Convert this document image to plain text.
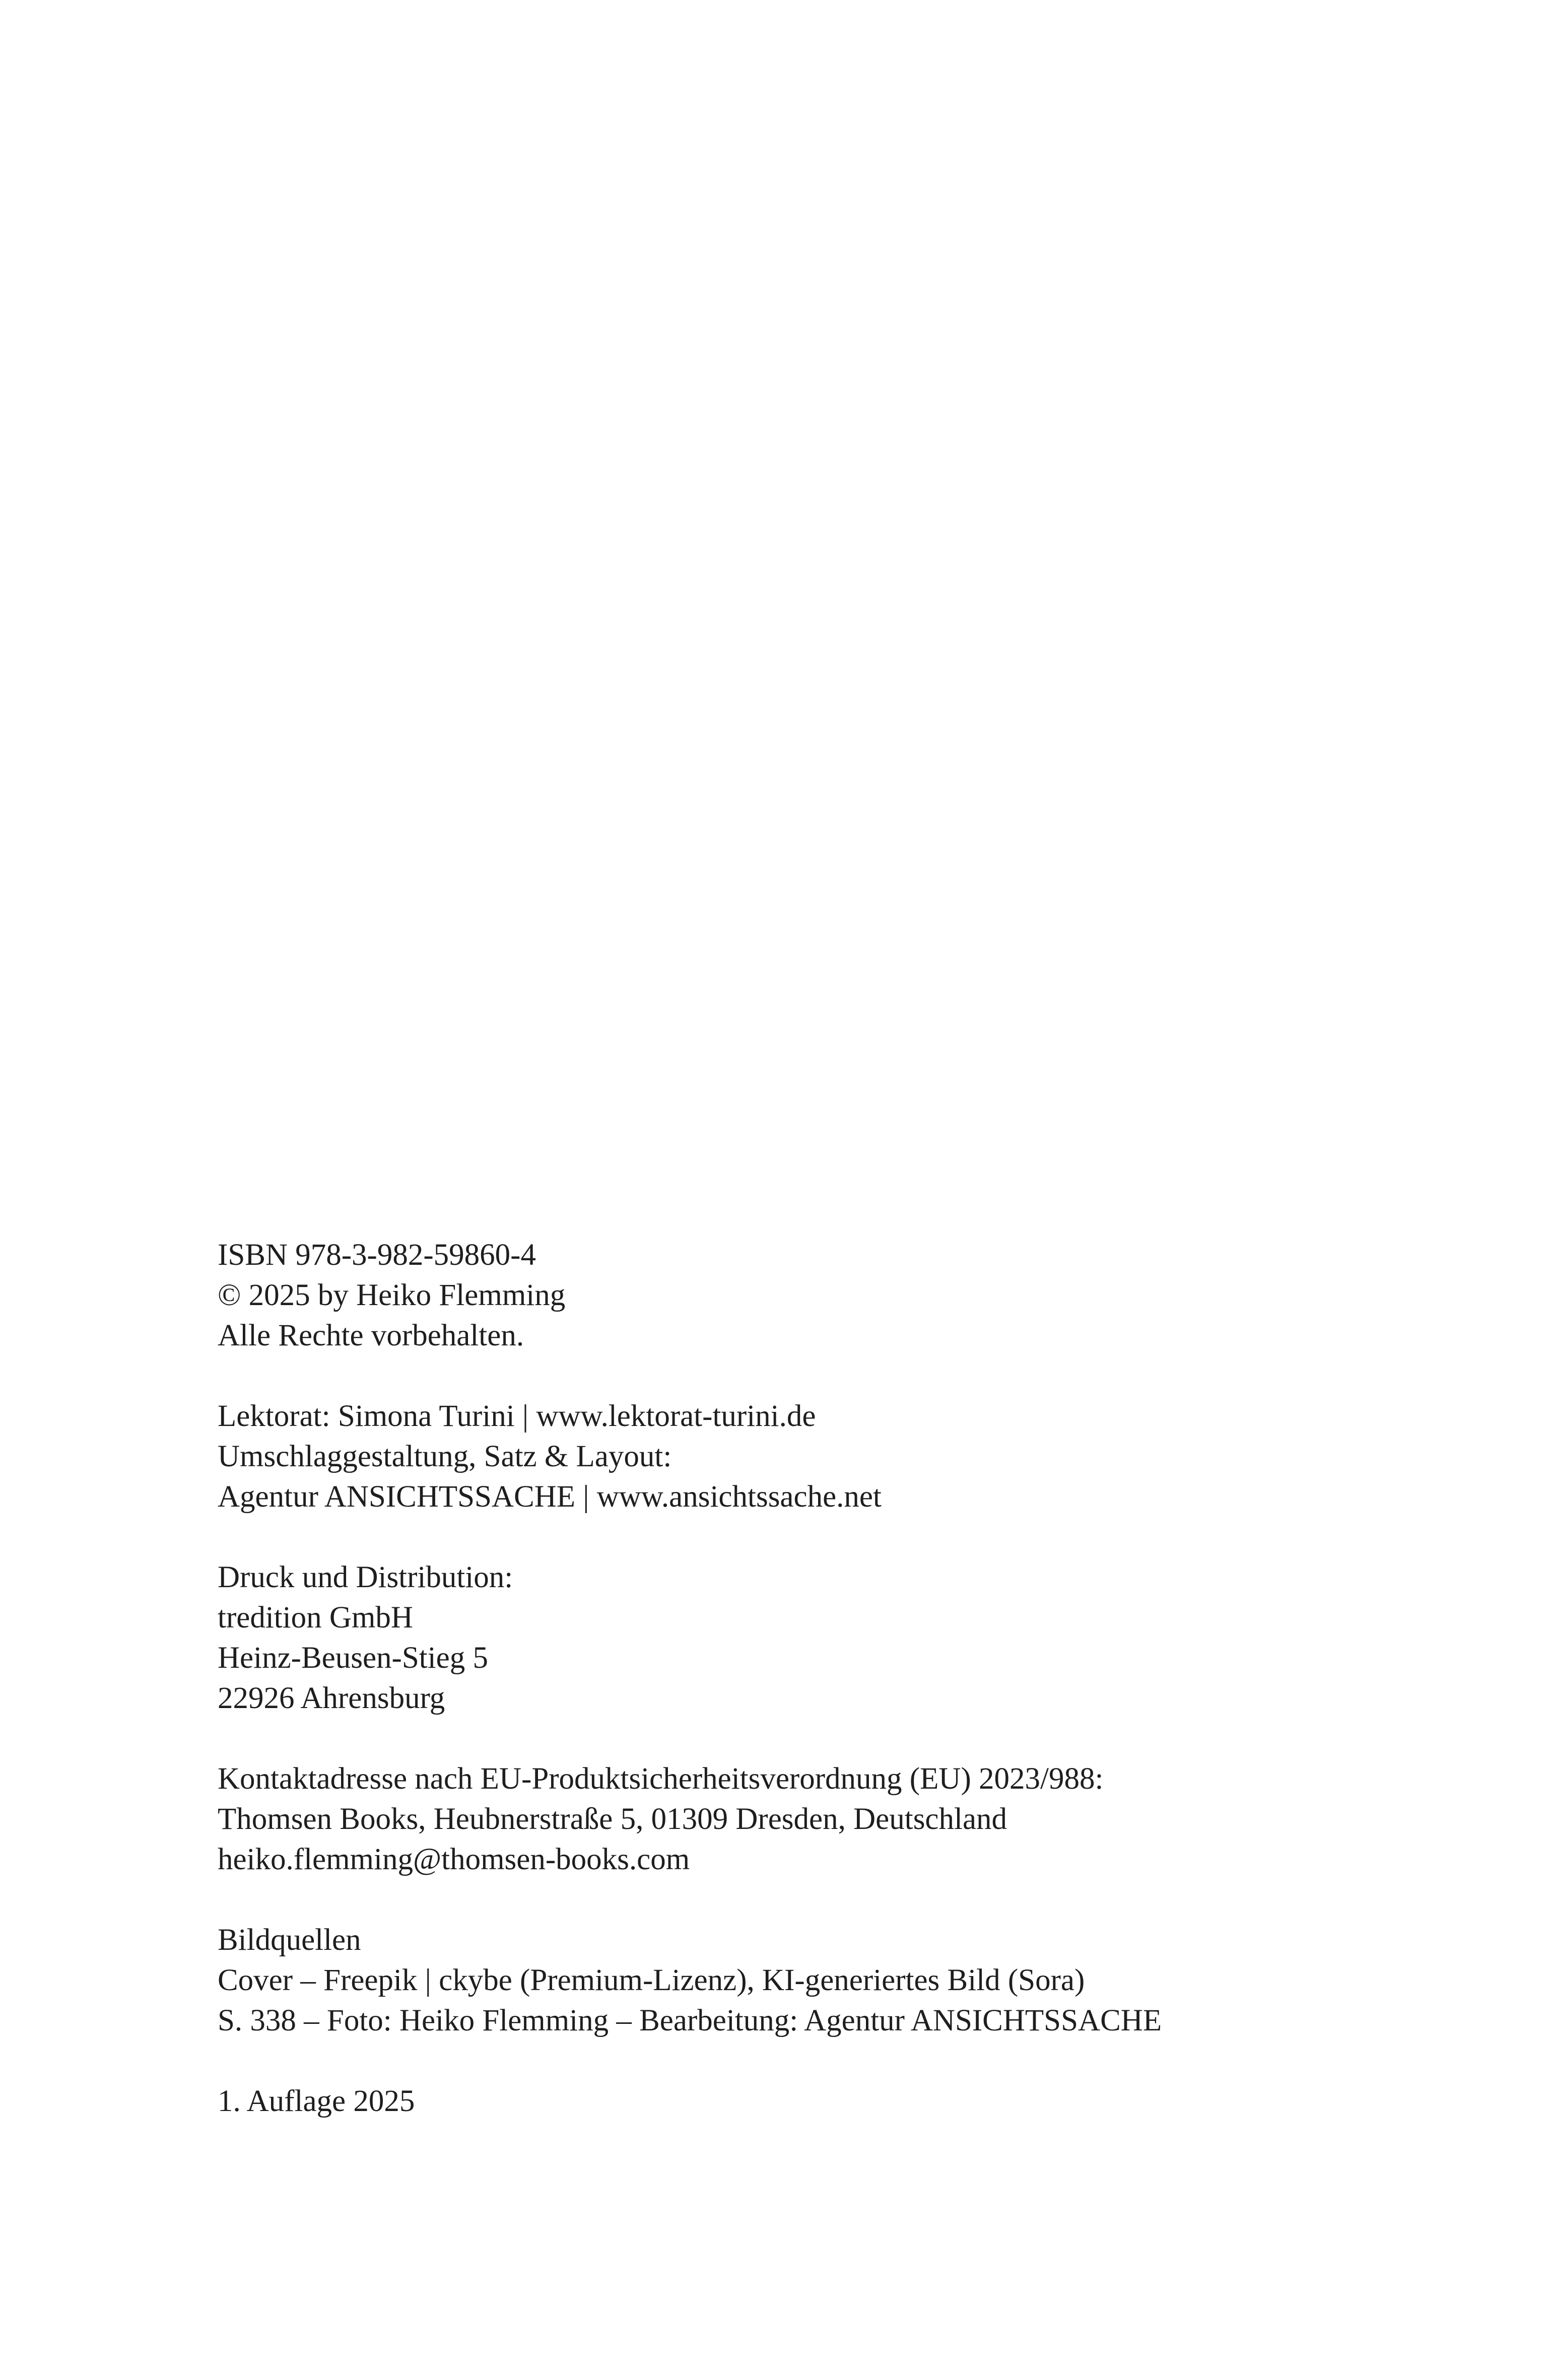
ISBN 978-3-982-59860-4
© 2025 by Heiko Flemming
Alle Rechte vorbehalten.
Lektorat: Simona Turini | www.lektorat-turini.de
Umschlaggestaltung, Satz & Layout:
Agentur ANSICHTSSACHE | www.ansichtssache.net
Druck und Distribution:
tredition GmbH
Heinz-Beusen-Stieg 5
22926 Ahrensburg
Kontaktadresse nach EU-Produktsicherheitsverordnung (EU) 2023/988:
Thomsen Books, Heubnerstraße 5, 01309 Dresden, Deutschland
heiko.flemming@thomsen-books.com
Bildquellen
Cover – Freepik | ckybe (Premium-Lizenz), KI-generiertes Bild (Sora)
S. 338 – Foto: Heiko Flemming – Bearbeitung: Agentur ANSICHTSSACHE
1. Auflage 2025
